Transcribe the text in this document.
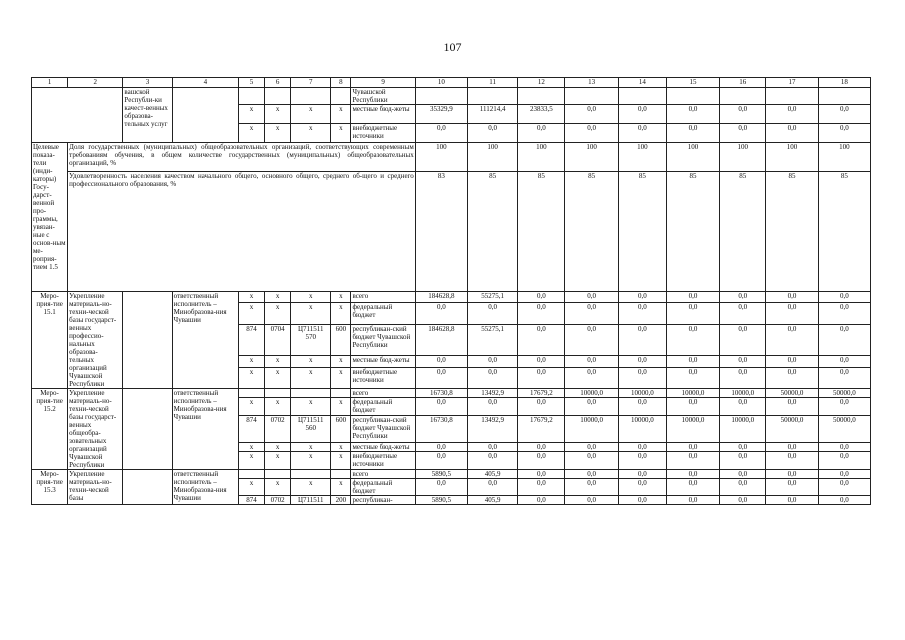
107
1	2	3	4	5	6	7	8	9	10	11	12	13	14	15	16	17	18
		вашской Республи-ки качест-венных образова-тельных услуг						Чувашской Республики									
				x	x	x	x	местные бюд-жеты	35329,9	111214,4	23833,5	0,0	0,0	0,0	0,0	0,0	0,0
				x	x	x	x	внебюджетные источники	0,0	0,0	0,0	0,0	0,0	0,0	0,0	0,0	0,0
Целевые показа-тели (инди-каторы) Госу-дарст-венной про-граммы, увязан-ные с основ-ным ме-роприя-тием 1.5	Доля государственных (муниципальных) общеобразовательных организаций, соответствующих современным требованиям обучения, в общем количестве государственных (муниципальных) общеобразовательных организаций, %								100	100	100	100	100	100	100	100	100
	Удовлетворенность населения качеством начального общего, основного общего, среднего об-щего и среднего профессионального образования, %								83	85	85	85	85	85	85	85	85
Меро-прия-тие 15.1	Укрепление материаль-но-техни-ческой базы государст-венных профессио-нальных образова-тельных организаций Чувашской Республики		ответственный исполнитель – Минобразова-ния Чувашии	x	x	x	x	всего	184628,8	55275,1	0,0	0,0	0,0	0,0	0,0	0,0	0,0
				x	x	x	x	федеральный бюджет	0,0	0,0	0,0	0,0	0,0	0,0	0,0	0,0	0,0
				874	0704	Ц711511 570	600	республикан-ский бюджет Чувашской Республики	184628,8	55275,1	0,0	0,0	0,0	0,0	0,0	0,0	0,0
				x	x	x	x	местные бюд-жеты	0,0	0,0	0,0	0,0	0,0	0,0	0,0	0,0	0,0
				x	x	x	x	внебюджетные источники	0,0	0,0	0,0	0,0	0,0	0,0	0,0	0,0	0,0
Меро-прия-тие 15.2	Укрепление материаль-но-техни-ческой базы государст-венных общеобра-зовательных организаций Чувашской Республики		ответственный исполнитель – Минобразова-ния Чувашии					всего	16730,8	13492,9	17679,2	10000,0	10000,0	10000,0	10000,0	50000,0	50000,0
				x	x	x	x	федеральный бюджет	0,0	0,0	0,0	0,0	0,0	0,0	0,0	0,0	0,0
				874	0702	Ц711511 560	600	республикан-ский бюджет Чувашской Республики	16730,8	13492,9	17679,2	10000,0	10000,0	10000,0	10000,0	50000,0	50000,0
				x	x	x	x	местные бюд-жеты	0,0	0,0	0,0	0,0	0,0	0,0	0,0	0,0	0,0
				x	x	x	x	внебюджетные источники	0,0	0,0	0,0	0,0	0,0	0,0	0,0	0,0	0,0
Меро-прия-тие 15.3	Укрепление материаль-но-техни-ческой базы		ответственный исполнитель – Минобразова-ния Чувашии					всего	5890,5	405,9	0,0	0,0	0,0	0,0	0,0	0,0	0,0
				x	x	x	x	федеральный бюджет	0,0	0,0	0,0	0,0	0,0	0,0	0,0	0,0	0,0
				874	0702	Ц711511	200	республикан-	5890,5	405,9	0,0	0,0	0,0	0,0	0,0	0,0	0,0
